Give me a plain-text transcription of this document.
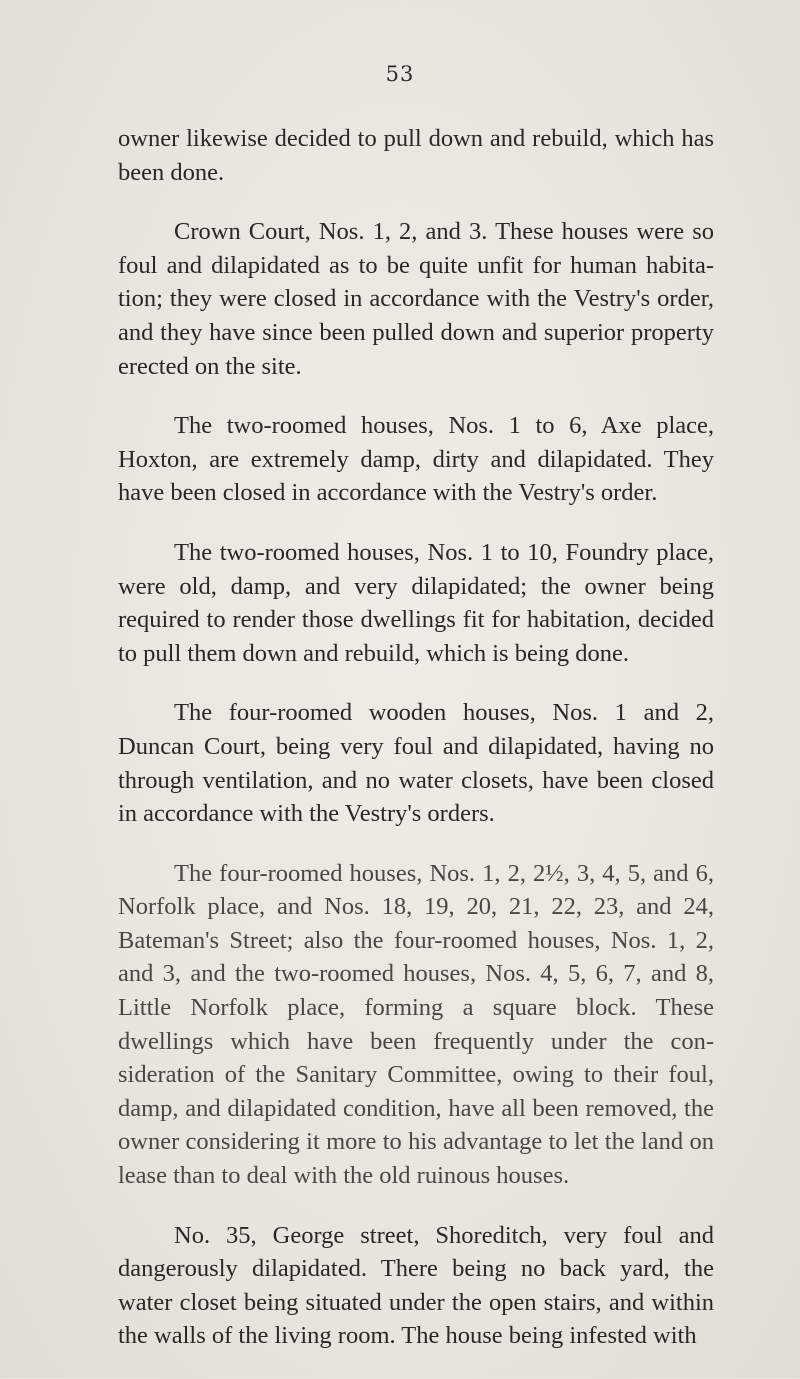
53

owner likewise decided to pull down and rebuild, which has been done.

Crown Court, Nos. 1, 2, and 3. These houses were so foul and dilapidated as to be quite unfit for human habitation; they were closed in accordance with the Vestry's order, and they have since been pulled down and superior property erected on the site.

The two-roomed houses, Nos. 1 to 6, Axe place, Hoxton, are extremely damp, dirty and dilapidated. They have been closed in accordance with the Vestry's order.

The two-roomed houses, Nos. 1 to 10, Foundry place, were old, damp, and very dilapidated; the owner being required to render those dwellings fit for habitation, decided to pull them down and rebuild, which is being done.

The four-roomed wooden houses, Nos. 1 and 2, Duncan Court, being very foul and dilapidated, having no through ventilation, and no water closets, have been closed in accordance with the Vestry's orders.

The four-roomed houses, Nos. 1, 2, 2½, 3, 4, 5, and 6, Norfolk place, and Nos. 18, 19, 20, 21, 22, 23, and 24, Bateman's Street; also the four-roomed houses, Nos. 1, 2, and 3, and the two-roomed houses, Nos. 4, 5, 6, 7, and 8, Little Norfolk place, forming a square block. These dwellings which have been frequently under the consideration of the Sanitary Committee, owing to their foul, damp, and dilapidated condition, have all been removed, the owner considering it more to his advantage to let the land on lease than to deal with the old ruinous houses.

No. 35, George street, Shoreditch, very foul and dangerously dilapidated. There being no back yard, the water closet being situated under the open stairs, and within the walls of the living room. The house being infested with
